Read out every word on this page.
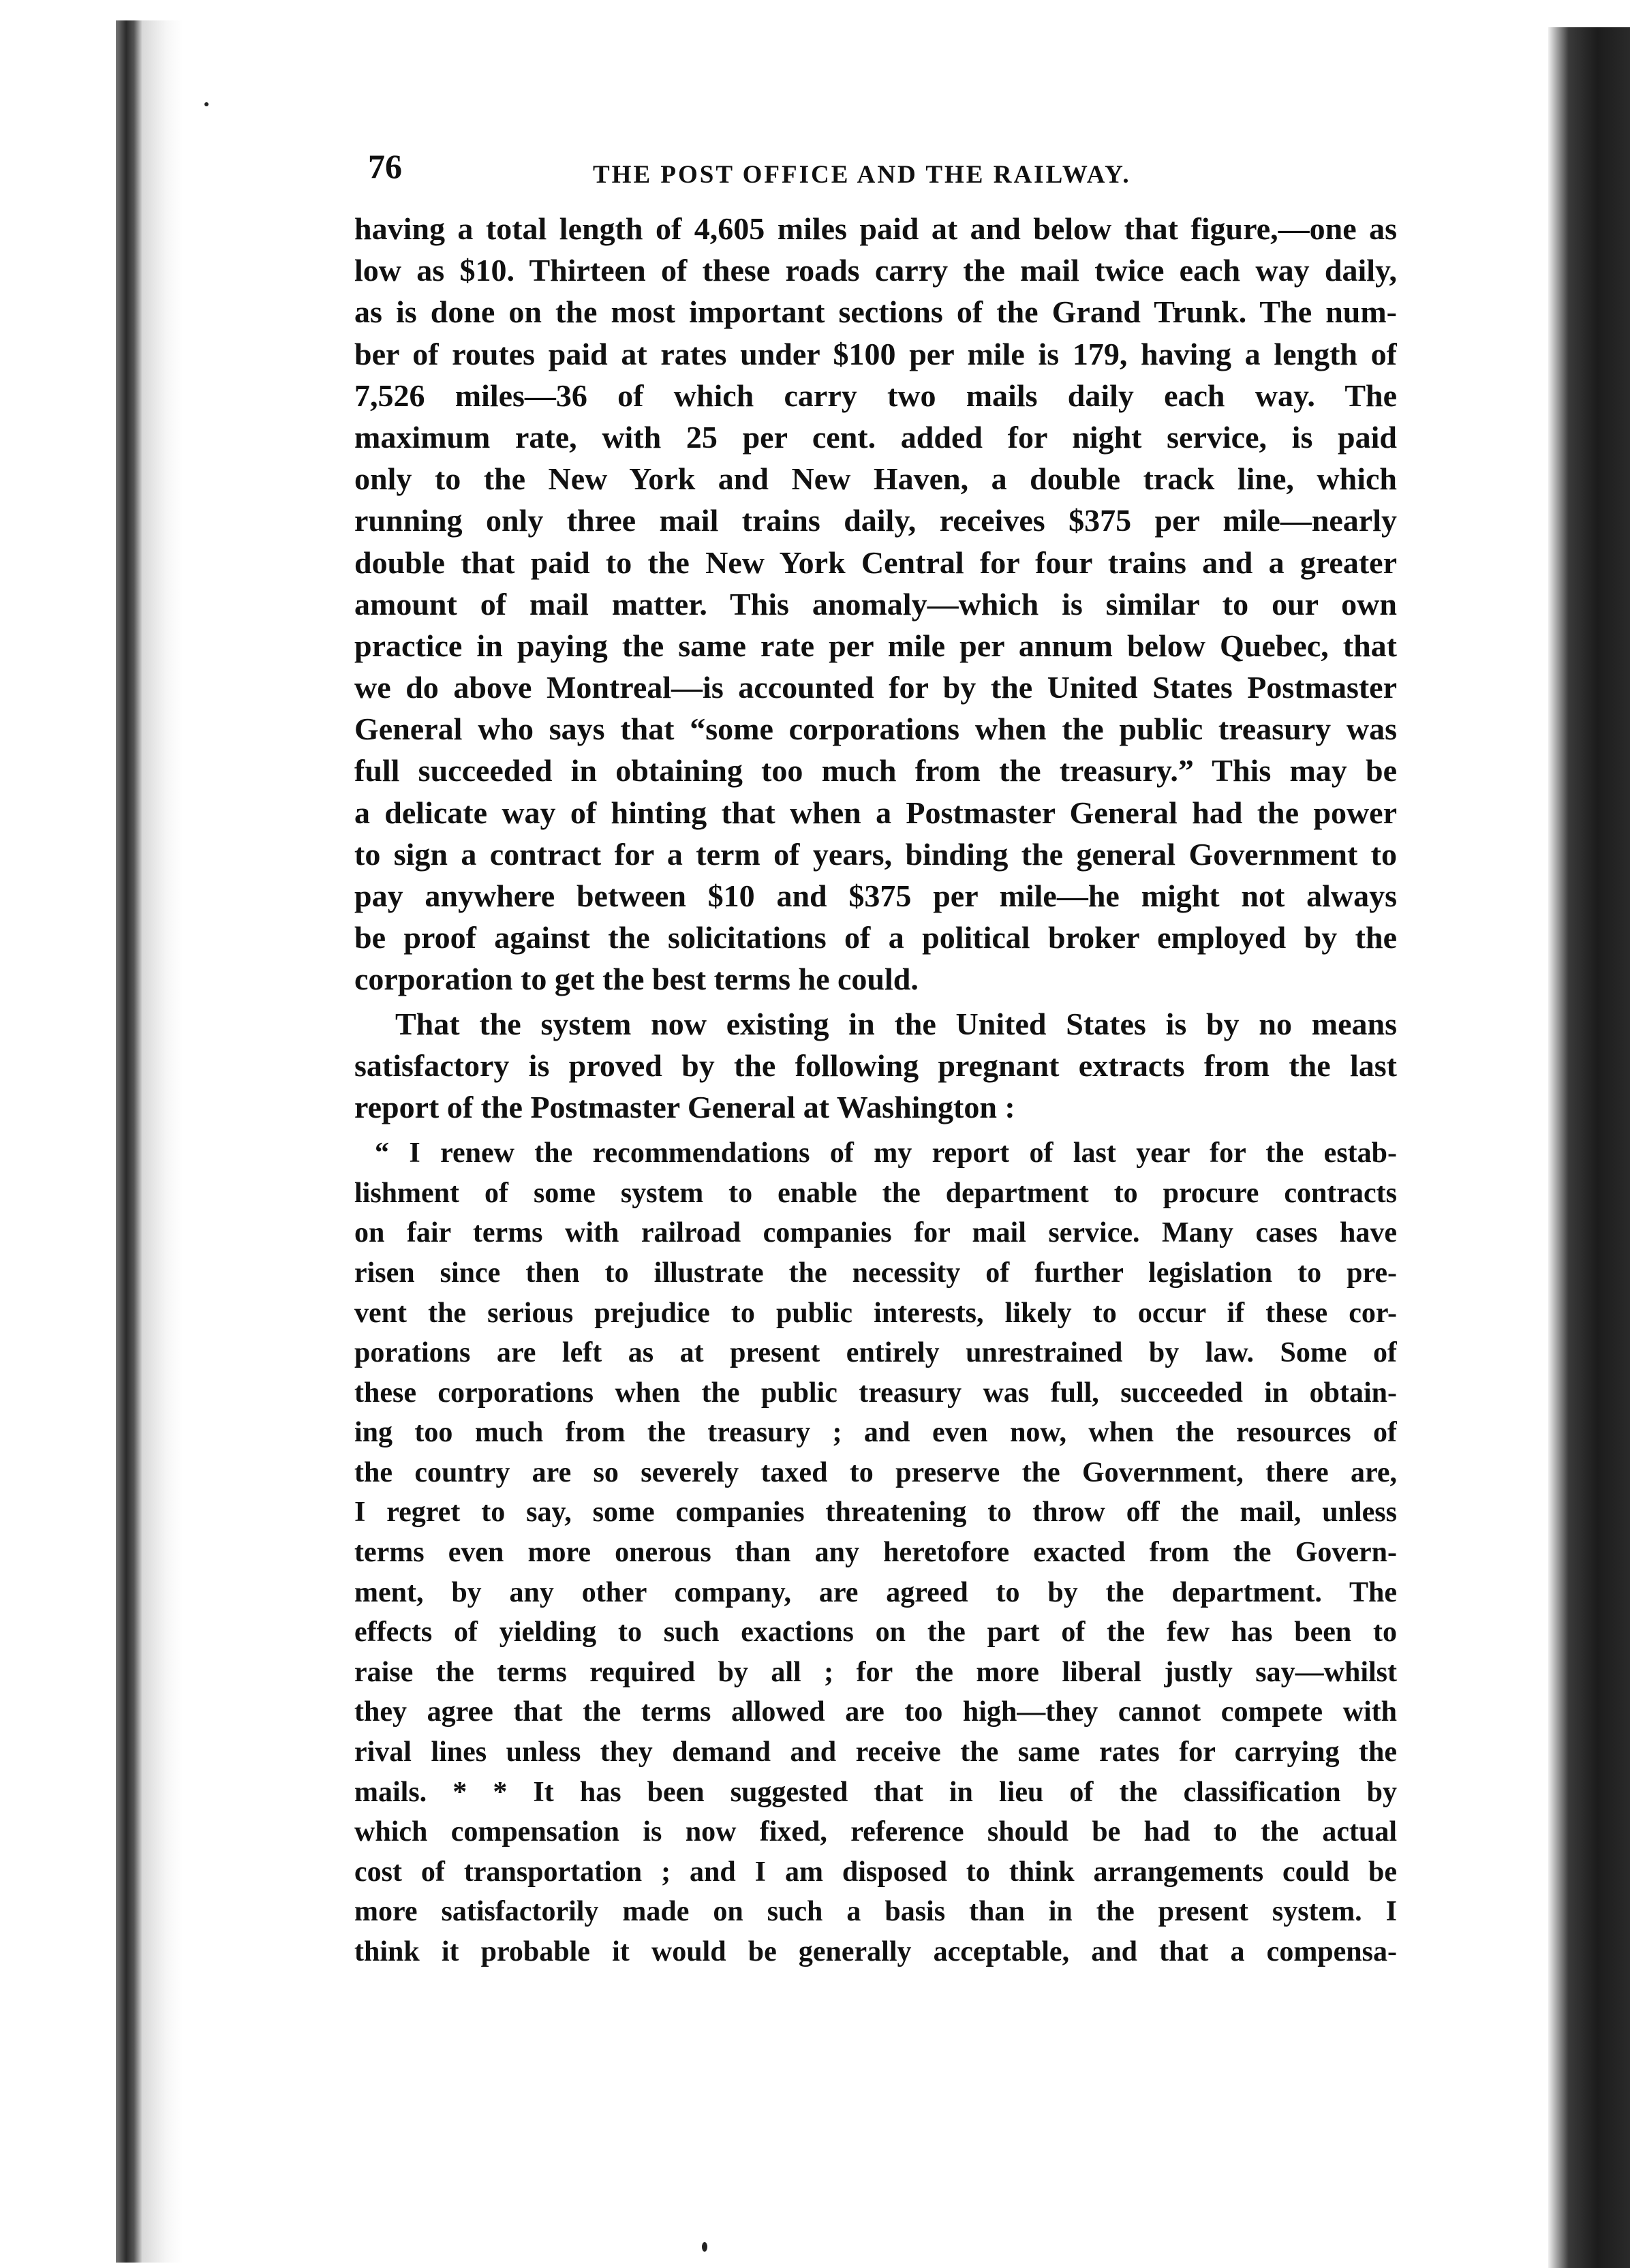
76	THE POST OFFICE AND THE RAILWAY.
having a total length of 4,605 miles paid at and below that figure,—one as
low as $10. Thirteen of these roads carry the mail twice each way daily,
as is done on the most important sections of the Grand Trunk. The num-
ber of routes paid at rates under $100 per mile is 179, having a length of
7,526 miles—36 of which carry two mails daily each way. The
maximum rate, with 25 per cent. added for night service, is paid
only to the New York and New Haven, a double track line, which
running only three mail trains daily, receives $375 per mile—nearly
double that paid to the New York Central for four trains and a greater
amount of mail matter. This anomaly—which is similar to our own
practice in paying the same rate per mile per annum below Quebec, that
we do above Montreal—is accounted for by the United States Postmaster
General who says that “some corporations when the public treasury was
full succeeded in obtaining too much from the treasury.” This may be
a delicate way of hinting that when a Postmaster General had the power
to sign a contract for a term of years, binding the general Government to
pay anywhere between $10 and $375 per mile—he might not always
be proof against the solicitations of a political broker employed by the
corporation to get the best terms he could.
That the system now existing in the United States is by no means
satisfactory is proved by the following pregnant extracts from the last
report of the Postmaster General at Washington :
“ I renew the recommendations of my report of last year for the estab-
lishment of some system to enable the department to procure contracts
on fair terms with railroad companies for mail service. Many cases have
risen since then to illustrate the necessity of further legislation to pre-
vent the serious prejudice to public interests, likely to occur if these cor-
porations are left as at present entirely unrestrained by law. Some of
these corporations when the public treasury was full, succeeded in obtain-
ing too much from the treasury ; and even now, when the resources of
the country are so severely taxed to preserve the Government, there are,
I regret to say, some companies threatening to throw off the mail, unless
terms even more onerous than any heretofore exacted from the Govern-
ment, by any other company, are agreed to by the department. The
effects of yielding to such exactions on the part of the few has been to
raise the terms required by all ; for the more liberal justly say—whilst
they agree that the terms allowed are too high—they cannot compete with
rival lines unless they demand and receive the same rates for carrying the
mails. * * It has been suggested that in lieu of the classification by
which compensation is now fixed, reference should be had to the actual
cost of transportation ; and I am disposed to think arrangements could be
more satisfactorily made on such a basis than in the present system. I
think it probable it would be generally acceptable, and that a compensa-
